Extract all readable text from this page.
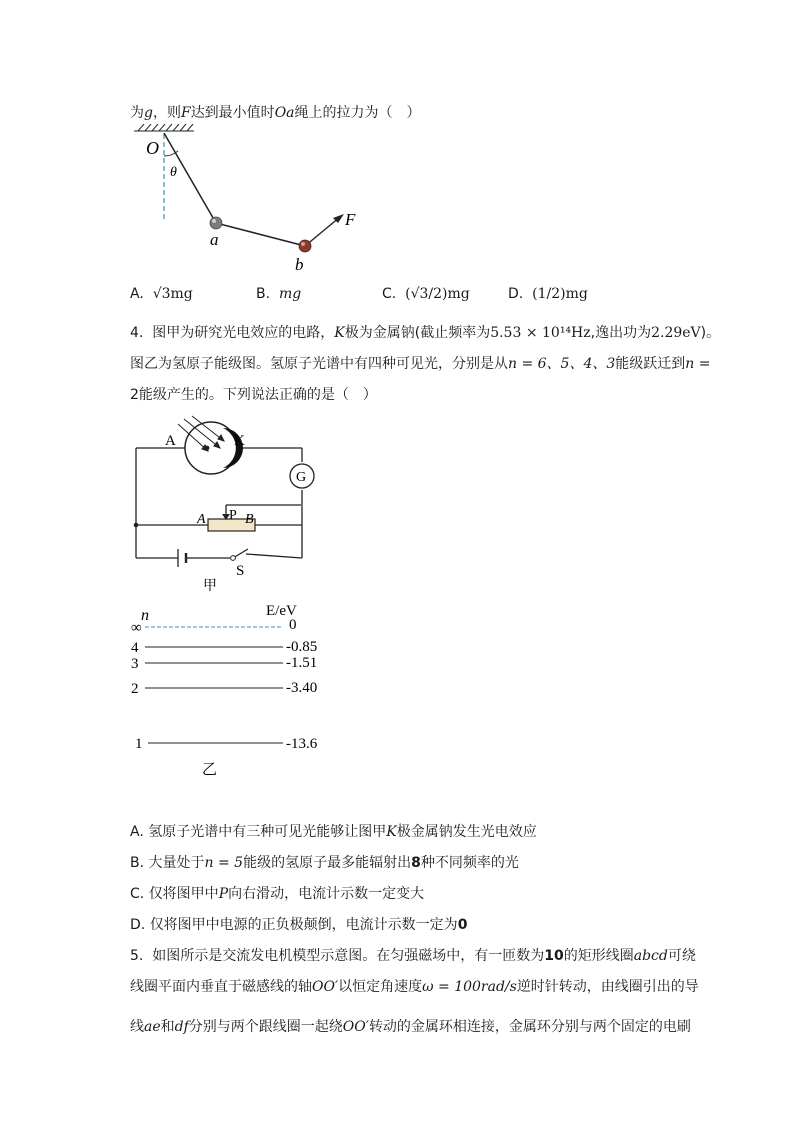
为g，则F达到最小值时Oa绳上的拉力为（　）
O
θ
a
b
F
A. √3mg	B. mg	C. (√3/2)mg	D. (1/2)mg
4. 图甲为研究光电效应的电路，K极为金属钠(截止频率为5.53 × 10¹⁴Hz,逸出功为2.29eV)。
图乙为氢原子能级图。氢原子光谱中有四种可见光，分别是从n = 6、5、4、3能级跃迁到n =
2能级产生的。下列说法正确的是（　）
A	K
G
A P B
S
甲
n	E/eV
∞	0
4	-0.85
3	-1.51
2	-3.40
1	-13.6
乙
A. 氢原子光谱中有三种可见光能够让图甲K极金属钠发生光电效应
B. 大量处于n = 5能级的氢原子最多能辐射出8种不同频率的光
C. 仅将图甲中P向右滑动，电流计示数一定变大
D. 仅将图甲中电源的正负极颠倒，电流计示数一定为0
5. 如图所示是交流发电机模型示意图。在匀强磁场中，有一匝数为10的矩形线圈abcd可绕
线圈平面内垂直于磁感线的轴OO′以恒定角速度ω = 100rad/s逆时针转动，由线圈引出的导
线ae和df分别与两个跟线圈一起绕OO′转动的金属环相连接，金属环分别与两个固定的电刷
